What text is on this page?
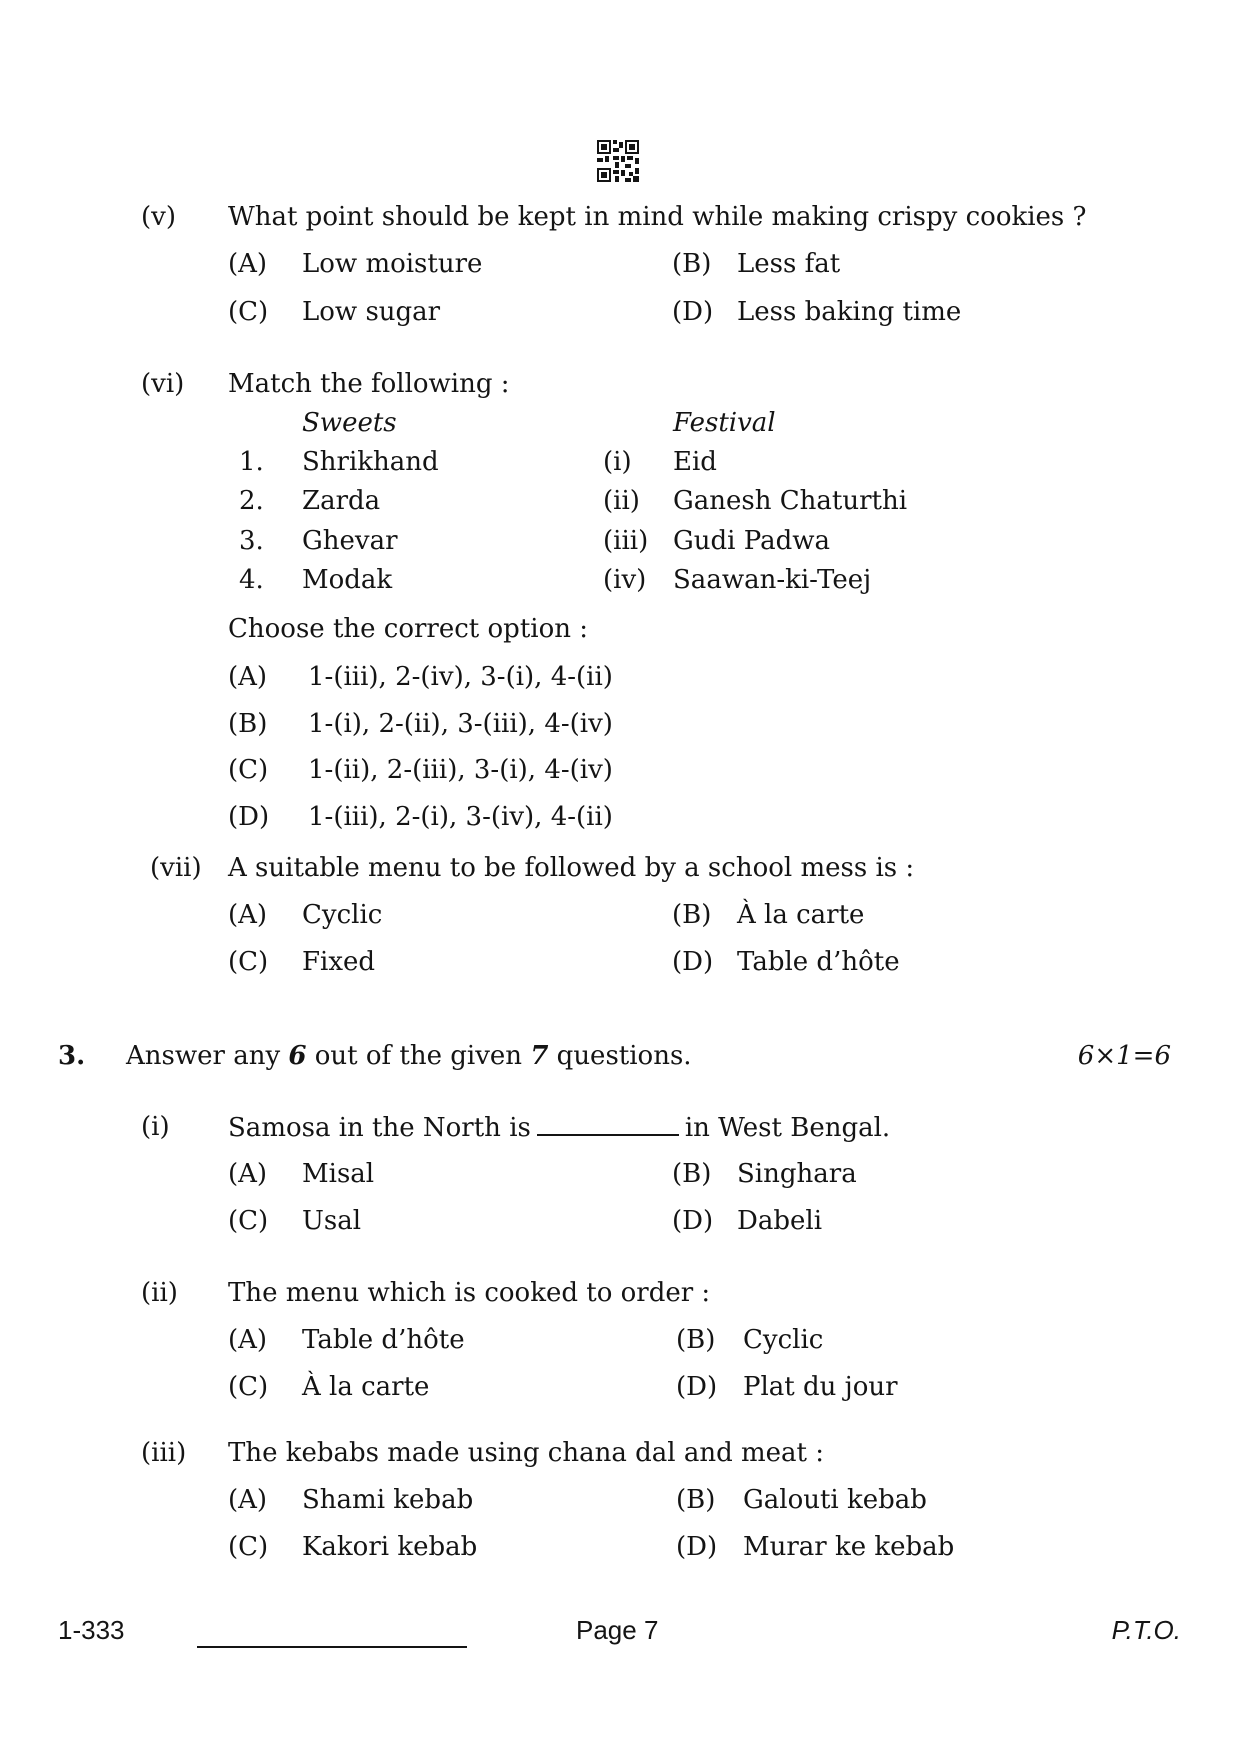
(v) What point should be kept in mind while making crispy cookies ?
(A) Low moisture	(B) Less fat
(C) Low sugar	(D) Less baking time
(vi) Match the following :
Sweets	Festival
1. Shrikhand	(i) Eid
2. Zarda	(ii) Ganesh Chaturthi
3. Ghevar	(iii) Gudi Padwa
4. Modak	(iv) Saawan-ki-Teej
Choose the correct option :
(A) 1-(iii), 2-(iv), 3-(i), 4-(ii)
(B) 1-(i), 2-(ii), 3-(iii), 4-(iv)
(C) 1-(ii), 2-(iii), 3-(i), 4-(iv)
(D) 1-(iii), 2-(i), 3-(iv), 4-(ii)
(vii) A suitable menu to be followed by a school mess is :
(A) Cyclic	(B) À la carte
(C) Fixed	(D) Table d’hôte
3. Answer any 6 out of the given 7 questions.	6×1=6
(i) Samosa in the North is	in West Bengal.
(A) Misal	(B) Singhara
(C) Usal	(D) Dabeli
(ii) The menu which is cooked to order :
(A) Table d’hôte	(B) Cyclic
(C) À la carte	(D) Plat du jour
(iii) The kebabs made using chana dal and meat :
(A) Shami kebab	(B) Galouti kebab
(C) Kakori kebab	(D) Murar ke kebab
1-333	Page 7	P.T.O.
